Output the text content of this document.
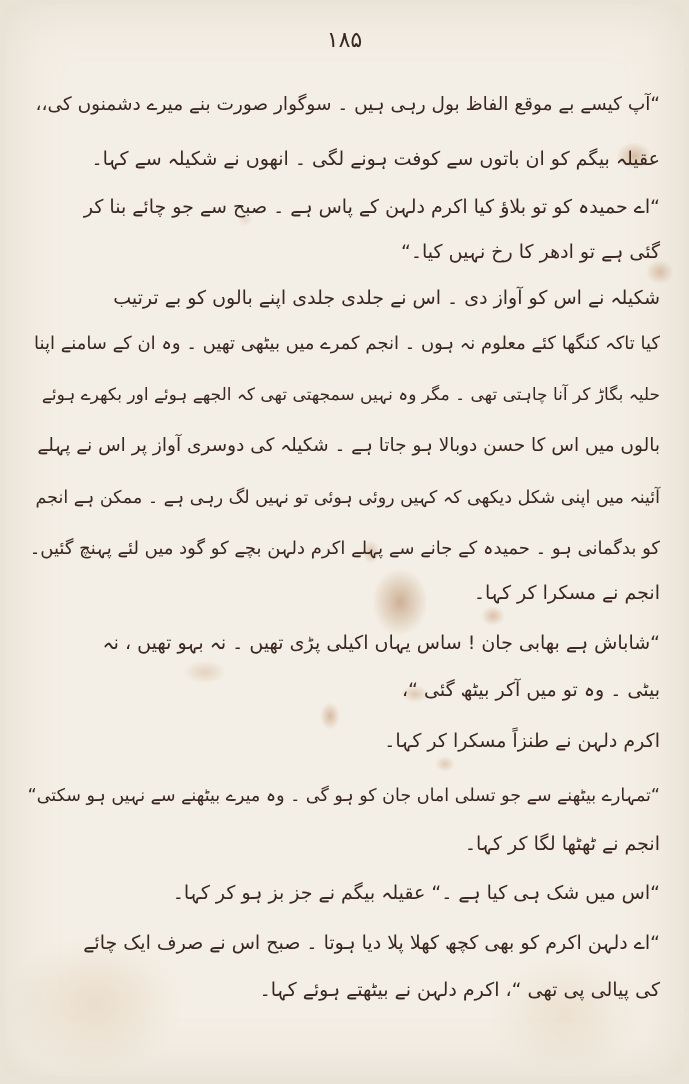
۱۸۵
“آپ کیسے بے موقع الفاظ بول رہی ہیں ۔ سوگوار صورت بنے میرے دشمنوں کی،،
عقیلہ بیگم کو ان باتوں سے کوفت ہونے لگی ۔ انھوں نے شکیلہ سے کہا۔
“اے حمیدہ کو تو بلاؤ کیا اکرم دلہن کے پاس ہے ۔ صبح سے جو چائے بنا کر
گئی ہے تو ادھر کا رخ نہیں کیا۔“
شکیلہ نے اس کو آواز دی ۔ اس نے جلدی جلدی اپنے بالوں کو بے ترتیب
کیا تاکہ کنگھا کئے معلوم نہ ہوں ۔ انجم کمرے میں بیٹھی تھیں ۔ وہ ان کے سامنے اپنا
حلیہ بگاڑ کر آنا چاہتی تھی ۔ مگر وہ نہیں سمجھتی تھی کہ الجھے ہوئے اور بکھرے ہوئے
بالوں میں اس کا حسن دوبالا ہو جاتا ہے ۔ شکیلہ کی دوسری آواز پر اس نے پہلے
آئینہ میں اپنی شکل دیکھی کہ کہیں روئی ہوئی تو نہیں لگ رہی ہے ۔ ممکن ہے انجم
کو بدگمانی ہو ۔ حمیدہ کے جانے سے پہلے اکرم دلہن بچے کو گود میں لئے پہنچ گئیں۔
انجم نے مسکرا کر کہا۔
“شاباش ہے بھابی جان ! ساس یہاں اکیلی پڑی تھیں ۔ نہ بہو تھیں ، نہ
بیٹی ۔ وہ تو میں آکر بیٹھ گئی “،
اکرم دلہن نے طنزاً مسکرا کر کہا۔
“تمہارے بیٹھنے سے جو تسلی اماں جان کو ہو گی ۔ وہ میرے بیٹھنے سے نہیں ہو سکتی“
انجم نے ٹھٹھا لگا کر کہا۔
“اس میں شک ہی کیا ہے ۔“ عقیلہ بیگم نے جز بز ہو کر کہا۔
“اے دلہن اکرم کو بھی کچھ کھلا پلا دیا ہوتا ۔ صبح اس نے صرف ایک چائے
کی پیالی پی تھی “، اکرم دلہن نے بیٹھتے ہوئے کہا۔
